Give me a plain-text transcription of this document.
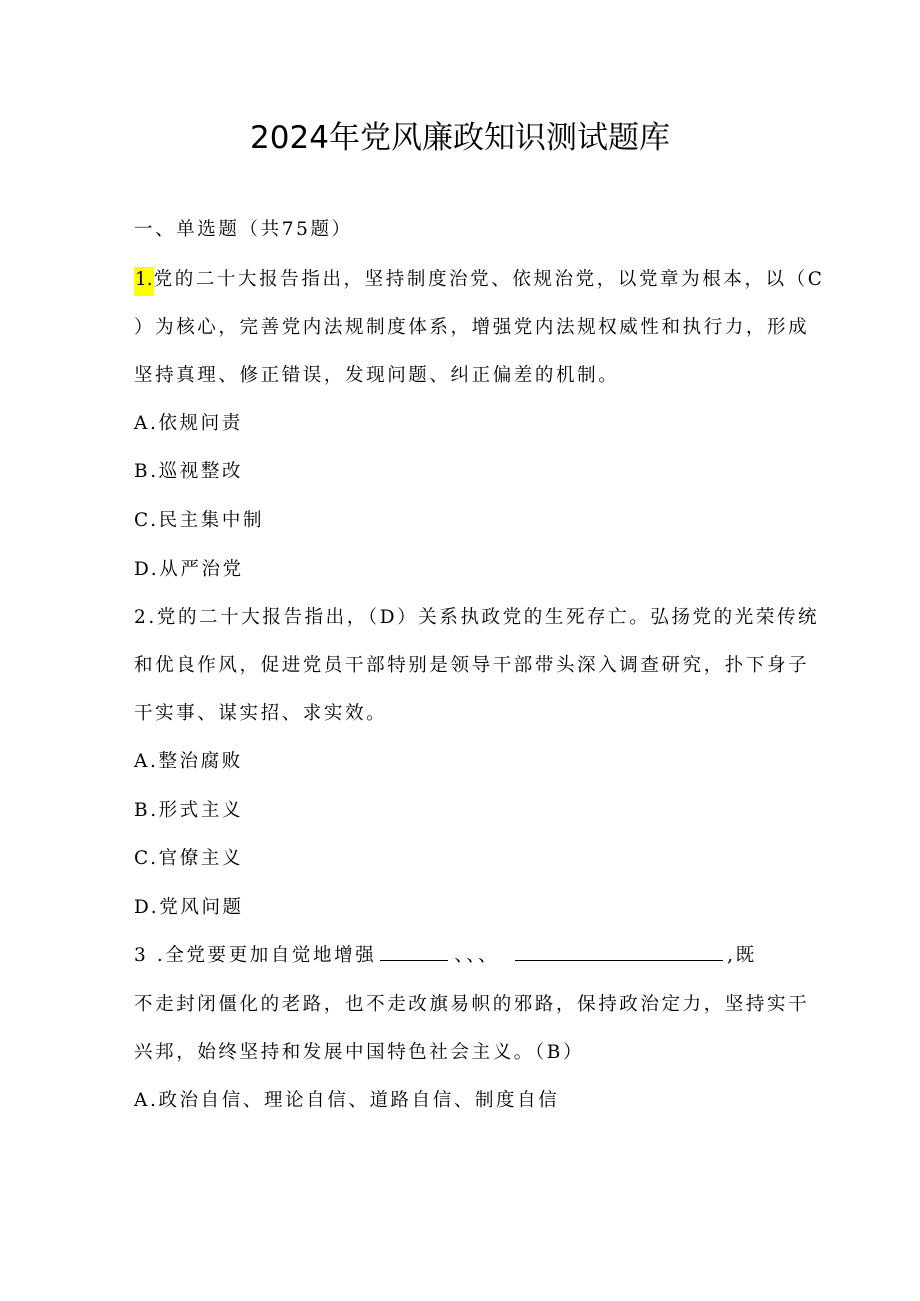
2024年党风廉政知识测试题库
一、单选题（共75题）
1.党的二十大报告指出，坚持制度治党、依规治党，以党章为根本，以（C
）为核心，完善党内法规制度体系，增强党内法规权威性和执行力，形成
坚持真理、修正错误，发现问题、纠正偏差的机制。
A.依规问责
B.巡视整改
C.民主集中制
D.从严治党
2.党的二十大报告指出，（D）关系执政党的生死存亡。弘扬党的光荣传统
和优良作风，促进党员干部特别是领导干部带头深入调查研究，扑下身子
干实事、谋实招、求实效。
A.整治腐败
B.形式主义
C.官僚主义
D.党风问题
3 .全党要更加自觉地增强	、、、	,既
不走封闭僵化的老路，也不走改旗易帜的邪路，保持政治定力，坚持实干
兴邦，始终坚持和发展中国特色社会主义。（B）
A.政治自信、理论自信、道路自信、制度自信
